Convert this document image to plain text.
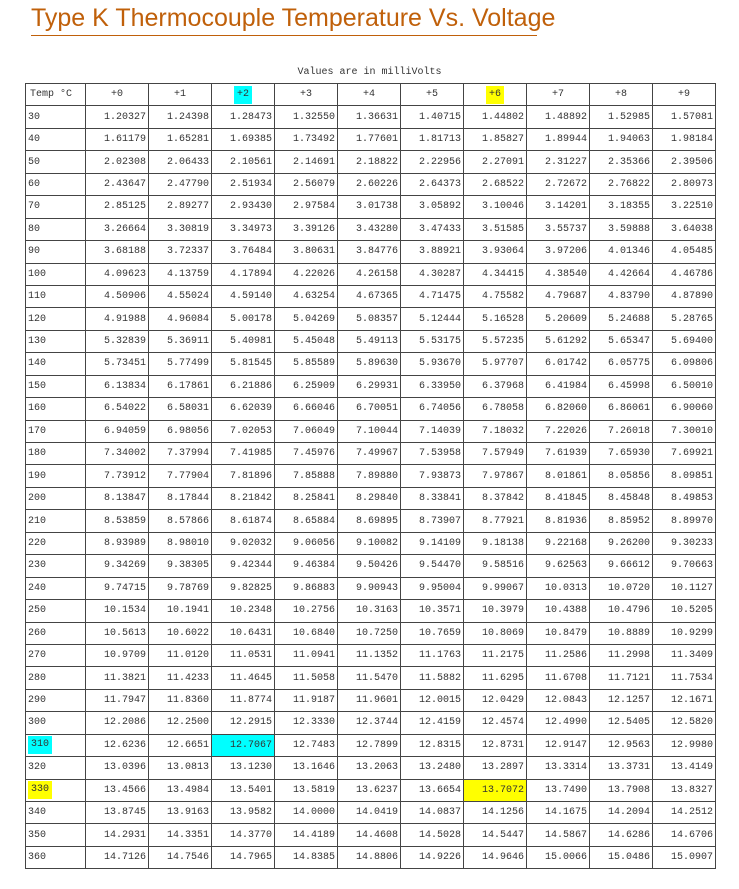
Type K Thermocouple Temperature Vs. Voltage
Values are in milliVolts
Temp °C	+0	+1	+2	+3	+4	+5	+6	+7	+8	+9
30	1.20327	1.24398	1.28473	1.32550	1.36631	1.40715	1.44802	1.48892	1.52985	1.57081
40	1.61179	1.65281	1.69385	1.73492	1.77601	1.81713	1.85827	1.89944	1.94063	1.98184
50	2.02308	2.06433	2.10561	2.14691	2.18822	2.22956	2.27091	2.31227	2.35366	2.39506
60	2.43647	2.47790	2.51934	2.56079	2.60226	2.64373	2.68522	2.72672	2.76822	2.80973
70	2.85125	2.89277	2.93430	2.97584	3.01738	3.05892	3.10046	3.14201	3.18355	3.22510
80	3.26664	3.30819	3.34973	3.39126	3.43280	3.47433	3.51585	3.55737	3.59888	3.64038
90	3.68188	3.72337	3.76484	3.80631	3.84776	3.88921	3.93064	3.97206	4.01346	4.05485
100	4.09623	4.13759	4.17894	4.22026	4.26158	4.30287	4.34415	4.38540	4.42664	4.46786
110	4.50906	4.55024	4.59140	4.63254	4.67365	4.71475	4.75582	4.79687	4.83790	4.87890
120	4.91988	4.96084	5.00178	5.04269	5.08357	5.12444	5.16528	5.20609	5.24688	5.28765
130	5.32839	5.36911	5.40981	5.45048	5.49113	5.53175	5.57235	5.61292	5.65347	5.69400
140	5.73451	5.77499	5.81545	5.85589	5.89630	5.93670	5.97707	6.01742	6.05775	6.09806
150	6.13834	6.17861	6.21886	6.25909	6.29931	6.33950	6.37968	6.41984	6.45998	6.50010
160	6.54022	6.58031	6.62039	6.66046	6.70051	6.74056	6.78058	6.82060	6.86061	6.90060
170	6.94059	6.98056	7.02053	7.06049	7.10044	7.14039	7.18032	7.22026	7.26018	7.30010
180	7.34002	7.37994	7.41985	7.45976	7.49967	7.53958	7.57949	7.61939	7.65930	7.69921
190	7.73912	7.77904	7.81896	7.85888	7.89880	7.93873	7.97867	8.01861	8.05856	8.09851
200	8.13847	8.17844	8.21842	8.25841	8.29840	8.33841	8.37842	8.41845	8.45848	8.49853
210	8.53859	8.57866	8.61874	8.65884	8.69895	8.73907	8.77921	8.81936	8.85952	8.89970
220	8.93989	8.98010	9.02032	9.06056	9.10082	9.14109	9.18138	9.22168	9.26200	9.30233
230	9.34269	9.38305	9.42344	9.46384	9.50426	9.54470	9.58516	9.62563	9.66612	9.70663
240	9.74715	9.78769	9.82825	9.86883	9.90943	9.95004	9.99067	10.0313	10.0720	10.1127
250	10.1534	10.1941	10.2348	10.2756	10.3163	10.3571	10.3979	10.4388	10.4796	10.5205
260	10.5613	10.6022	10.6431	10.6840	10.7250	10.7659	10.8069	10.8479	10.8889	10.9299
270	10.9709	11.0120	11.0531	11.0941	11.1352	11.1763	11.2175	11.2586	11.2998	11.3409
280	11.3821	11.4233	11.4645	11.5058	11.5470	11.5882	11.6295	11.6708	11.7121	11.7534
290	11.7947	11.8360	11.8774	11.9187	11.9601	12.0015	12.0429	12.0843	12.1257	12.1671
300	12.2086	12.2500	12.2915	12.3330	12.3744	12.4159	12.4574	12.4990	12.5405	12.5820
310	12.6236	12.6651	12.7067	12.7483	12.7899	12.8315	12.8731	12.9147	12.9563	12.9980
320	13.0396	13.0813	13.1230	13.1646	13.2063	13.2480	13.2897	13.3314	13.3731	13.4149
330	13.4566	13.4984	13.5401	13.5819	13.6237	13.6654	13.7072	13.7490	13.7908	13.8327
340	13.8745	13.9163	13.9582	14.0000	14.0419	14.0837	14.1256	14.1675	14.2094	14.2512
350	14.2931	14.3351	14.3770	14.4189	14.4608	14.5028	14.5447	14.5867	14.6286	14.6706
360	14.7126	14.7546	14.7965	14.8385	14.8806	14.9226	14.9646	15.0066	15.0486	15.0907
